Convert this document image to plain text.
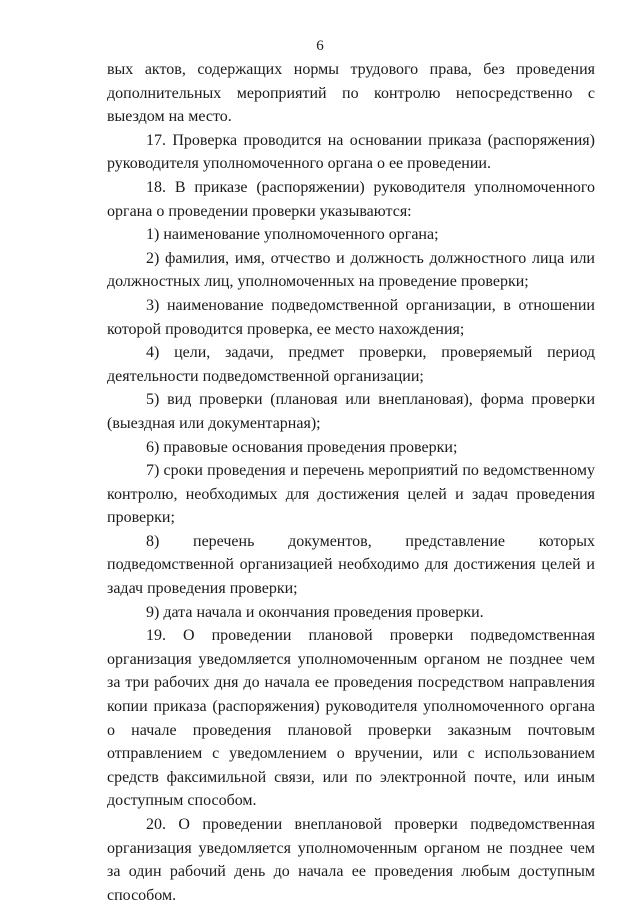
6

вых актов, содержащих нормы трудового права, без проведения дополнительных мероприятий по контролю непосредственно с выездом на место.

17. Проверка проводится на основании приказа (распоряжения) руководителя уполномоченного органа о ее проведении.

18. В приказе (распоряжении) руководителя уполномоченного органа о проведении проверки указываются:

1) наименование уполномоченного органа;

2) фамилия, имя, отчество и должность должностного лица или должностных лиц, уполномоченных на проведение проверки;

3) наименование подведомственной организации, в отношении которой проводится проверка, ее место нахождения;

4) цели, задачи, предмет проверки, проверяемый период деятельности подведомственной организации;

5) вид проверки (плановая или внеплановая), форма проверки (выездная или документарная);

6) правовые основания проведения проверки;

7) сроки проведения и перечень мероприятий по ведомственному контролю, необходимых для достижения целей и задач проведения проверки;

8) перечень документов, представление которых подведомственной организацией необходимо для достижения целей и задач проведения проверки;

9) дата начала и окончания проведения проверки.

19. О проведении плановой проверки подведомственная организация уведомляется уполномоченным органом не позднее чем за три рабочих дня до начала ее проведения посредством направления копии приказа (распоряжения) руководителя уполномоченного органа о начале проведения плановой проверки заказным почтовым отправлением с уведомлением о вручении, или с использованием средств факсимильной связи, или по электронной почте, или иным доступным способом.

20. О проведении внеплановой проверки подведомственная организация уведомляется уполномоченным органом не позднее чем за один рабочий день до начала ее проведения любым доступным способом.
